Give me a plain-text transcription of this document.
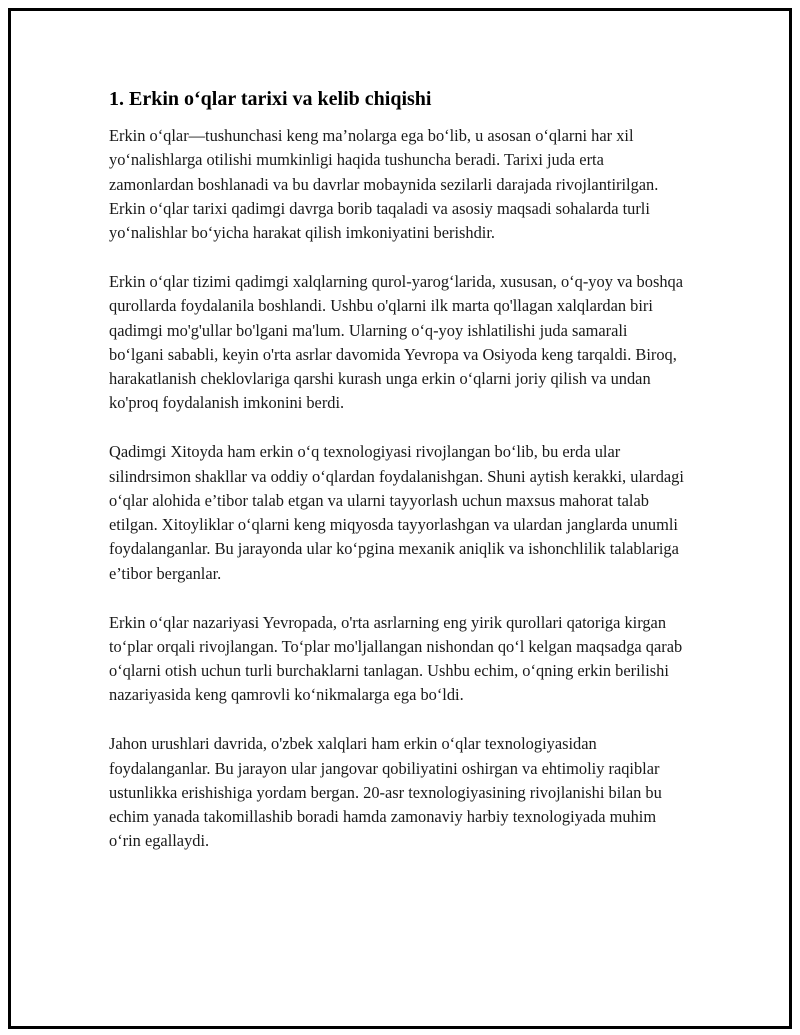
1. Erkin o‘qlar tarixi va kelib chiqishi

Erkin o‘qlar—tushunchasi keng ma’nolarga ega bo‘lib, u asosan o‘qlarni har xil yo‘nalishlarga otilishi mumkinligi haqida tushuncha beradi. Tarixi juda erta zamonlardan boshlanadi va bu davrlar mobaynida sezilarli darajada rivojlantirilgan. Erkin o‘qlar tarixi qadimgi davrga borib taqaladi va asosiy maqsadi sohalarda turli yo‘nalishlar bo‘yicha harakat qilish imkoniyatini berishdir.

Erkin o‘qlar tizimi qadimgi xalqlarning qurol-yarog‘larida, xususan, o‘q-yoy va boshqa qurollarda foydalanila boshlandi. Ushbu o'qlarni ilk marta qo'llagan xalqlardan biri qadimgi mo'g'ullar bo'lgani ma'lum. Ularning o‘q-yoy ishlatilishi juda samarali bo‘lgani sababli, keyin o'rta asrlar davomida Yevropa va Osiyoda keng tarqaldi. Biroq, harakatlanish cheklovlariga qarshi kurash unga erkin o‘qlarni joriy qilish va undan ko'proq foydalanish imkonini berdi.

Qadimgi Xitoyda ham erkin o‘q texnologiyasi rivojlangan bo‘lib, bu erda ular silindrsimon shakllar va oddiy o‘qlardan foydalanishgan. Shuni aytish kerakki, ulardagi o‘qlar alohida e’tibor talab etgan va ularni tayyorlash uchun maxsus mahorat talab etilgan. Xitoyliklar o‘qlarni keng miqyosda tayyorlashgan va ulardan janglarda unumli foydalanganlar. Bu jarayonda ular ko‘pgina mexanik aniqlik va ishonchlilik talablariga e’tibor berganlar.

Erkin o‘qlar nazariyasi Yevropada, o'rta asrlarning eng yirik qurollari qatoriga kirgan to‘plar orqali rivojlangan. To‘plar mo'ljallangan nishondan qo‘l kelgan maqsadga qarab o‘qlarni otish uchun turli burchaklarni tanlagan. Ushbu echim, o‘qning erkin berilishi nazariyasida keng qamrovli ko‘nikmalarga ega bo‘ldi.

Jahon urushlari davrida, o'zbek xalqlari ham erkin o‘qlar texnologiyasidan foydalanganlar. Bu jarayon ular jangovar qobiliyatini oshirgan va ehtimoliy raqiblar ustunlikka erishishiga yordam bergan. 20-asr texnologiyasining rivojlanishi bilan bu echim yanada takomillashib boradi hamda zamonaviy harbiy texnologiyada muhim o‘rin egallaydi.
